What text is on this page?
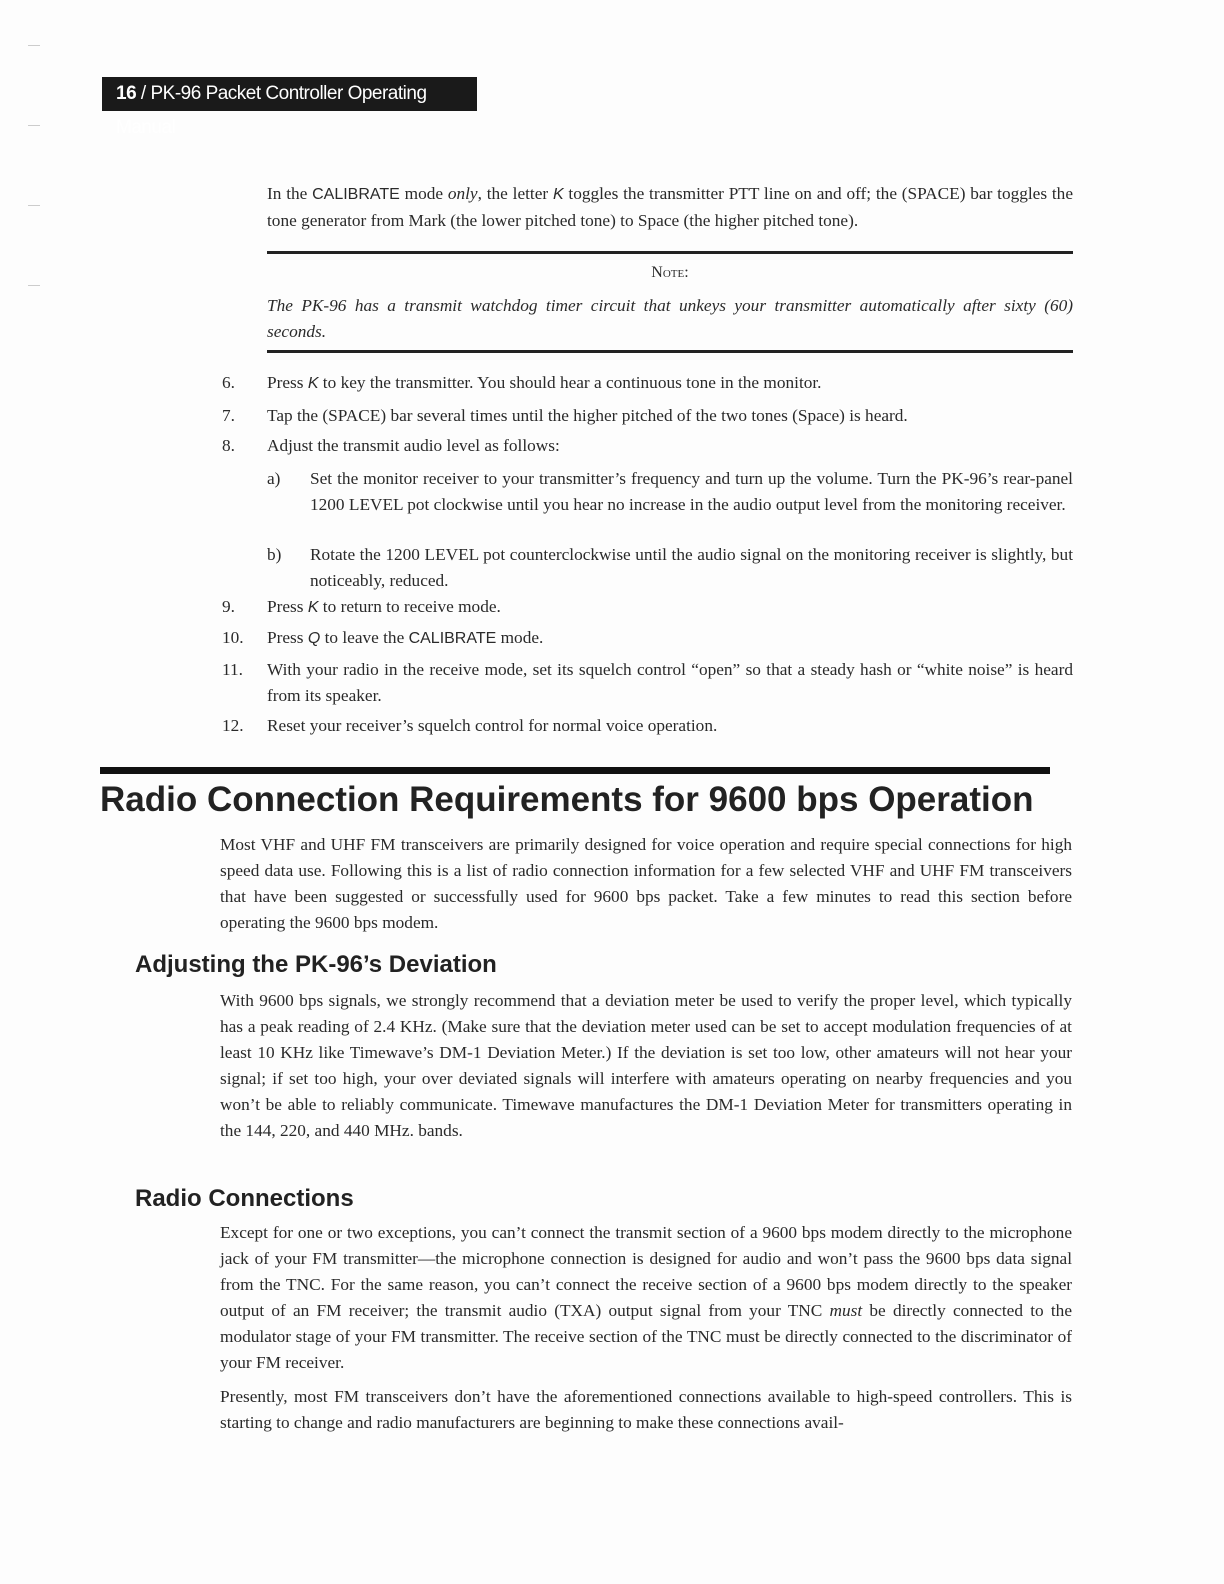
16 / PK-96 Packet Controller Operating Manual
In the CALIBRATE mode only, the letter K toggles the transmitter PTT line on and off; the (SPACE) bar toggles the tone generator from Mark (the lower pitched tone) to Space (the higher pitched tone).
Note:
The PK-96 has a transmit watchdog timer circuit that unkeys your transmitter automatically after sixty (60) seconds.
6. Press K to key the transmitter. You should hear a continuous tone in the monitor.
7. Tap the (SPACE) bar several times until the higher pitched of the two tones (Space) is heard.
8. Adjust the transmit audio level as follows:
a) Set the monitor receiver to your transmitter’s frequency and turn up the volume. Turn the PK-96’s rear-panel 1200 LEVEL pot clockwise until you hear no increase in the audio output level from the monitoring receiver.
b) Rotate the 1200 LEVEL pot counterclockwise until the audio signal on the monitoring receiver is slightly, but noticeably, reduced.
9. Press K to return to receive mode.
10. Press Q to leave the CALIBRATE mode.
11. With your radio in the receive mode, set its squelch control “open” so that a steady hash or “white noise” is heard from its speaker.
12. Reset your receiver’s squelch control for normal voice operation.
Radio Connection Requirements for 9600 bps Operation
Most VHF and UHF FM transceivers are primarily designed for voice operation and require special connections for high speed data use. Following this is a list of radio connection information for a few selected VHF and UHF FM transceivers that have been suggested or successfully used for 9600 bps packet. Take a few minutes to read this section before operating the 9600 bps modem.
Adjusting the PK-96’s Deviation
With 9600 bps signals, we strongly recommend that a deviation meter be used to verify the proper level, which typically has a peak reading of 2.4 KHz. (Make sure that the deviation meter used can be set to accept modulation frequencies of at least 10 KHz like Timewave’s DM-1 Deviation Meter.) If the deviation is set too low, other amateurs will not hear your signal; if set too high, your over deviated signals will interfere with amateurs operating on nearby frequencies and you won’t be able to reliably communicate. Timewave manufactures the DM-1 Deviation Meter for transmitters operating in the 144, 220, and 440 MHz. bands.
Radio Connections
Except for one or two exceptions, you can’t connect the transmit section of a 9600 bps modem directly to the microphone jack of your FM transmitter—the microphone connection is designed for audio and won’t pass the 9600 bps data signal from the TNC. For the same reason, you can’t connect the receive section of a 9600 bps modem directly to the speaker output of an FM receiver; the transmit audio (TXA) output signal from your TNC must be directly connected to the modulator stage of your FM transmitter. The receive section of the TNC must be directly connected to the discriminator of your FM receiver.
Presently, most FM transceivers don’t have the aforementioned connections available to high-speed controllers. This is starting to change and radio manufacturers are beginning to make these connections avail-
